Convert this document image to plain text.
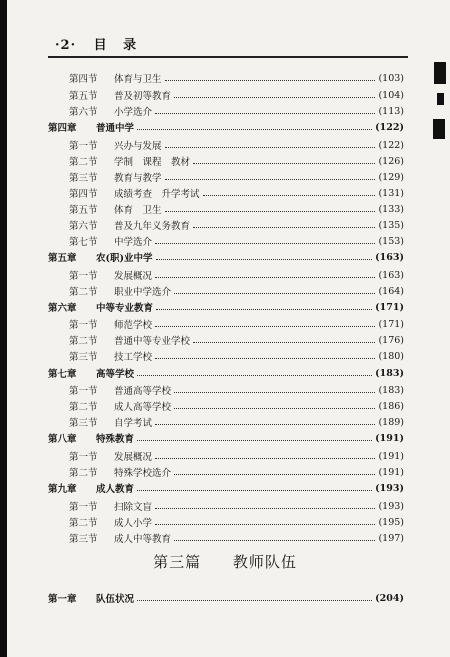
·2· 目 录
第四节	体育与卫生	(103)
第五节	普及初等教育	(104)
第六节	小学选介	(113)
第四章	普通中学	(122)
第一节	兴办与发展	(122)
第二节	学制　课程　教材	(126)
第三节	教育与教学	(129)
第四节	成绩考查　升学考试	(131)
第五节	体育　卫生	(133)
第六节	普及九年义务教育	(135)
第七节	中学选介	(153)
第五章	农(职)业中学	(163)
第一节	发展概况	(163)
第二节	职业中学选介	(164)
第六章	中等专业教育	(171)
第一节	师范学校	(171)
第二节	普通中等专业学校	(176)
第三节	技工学校	(180)
第七章	高等学校	(183)
第一节	普通高等学校	(183)
第二节	成人高等学校	(186)
第三节	自学考试	(189)
第八章	特殊教育	(191)
第一节	发展概况	(191)
第二节	特殊学校选介	(191)
第九章	成人教育	(193)
第一节	扫除文盲	(193)
第二节	成人小学	(195)
第三节	成人中等教育	(197)
第一章	队伍状况	(204)
第三篇 教师队伍
